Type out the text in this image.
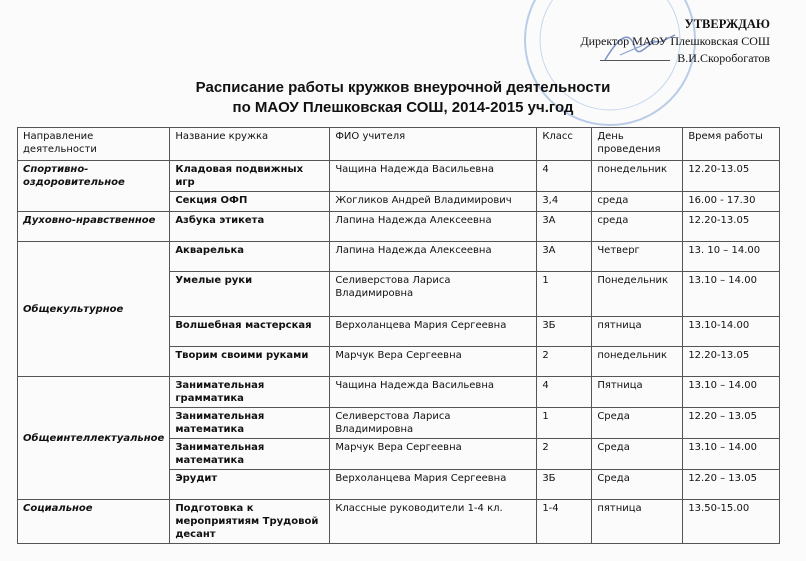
УТВЕРЖДАЮ
Директор МАОУ Плешковская СОШ
В.И.Скоробогатов
Расписание работы кружков внеурочной деятельности
по МАОУ Плешковская СОШ, 2014-2015 уч.год
Направление деятельности	Название кружка	ФИО учителя	Класс	День проведения	Время работы
Спортивно-оздоровительное	Кладовая подвижных игр	Чащина Надежда Васильевна	4	понедельник	12.20-13.05
	Секция ОФП	Жогликов Андрей Владимирович	3,4	среда	16.00 - 17.30
Духовно-нравственное	Азбука этикета	Лапина Надежда Алексеевна	3А	среда	12.20-13.05
Общекультурное	Акварелька	Лапина Надежда Алексеевна	3А	Четверг	13. 10 – 14.00
	Умелые руки	Селиверстова Лариса Владимировна	1	Понедельник	13.10 – 14.00
	Волшебная мастерская	Верхоланцева Мария Сергеевна	3Б	пятница	13.10-14.00
	Творим своими руками	Марчук Вера Сергеевна	2	понедельник	12.20-13.05
Общеинтеллектуальное	Занимательная грамматика	Чащина Надежда Васильевна	4	Пятница	13.10 – 14.00
	Занимательная математика	Селиверстова Лариса Владимировна	1	Среда	12.20 – 13.05
	Занимательная математика	Марчук Вера Сергеевна	2	Среда	13.10 – 14.00
	Эрудит	Верхоланцева Мария Сергеевна	3Б	Среда	12.20 – 13.05
Социальное	Подготовка к мероприятиям Трудовой десант	Классные руководители 1-4 кл.	1-4	пятница	13.50-15.00
